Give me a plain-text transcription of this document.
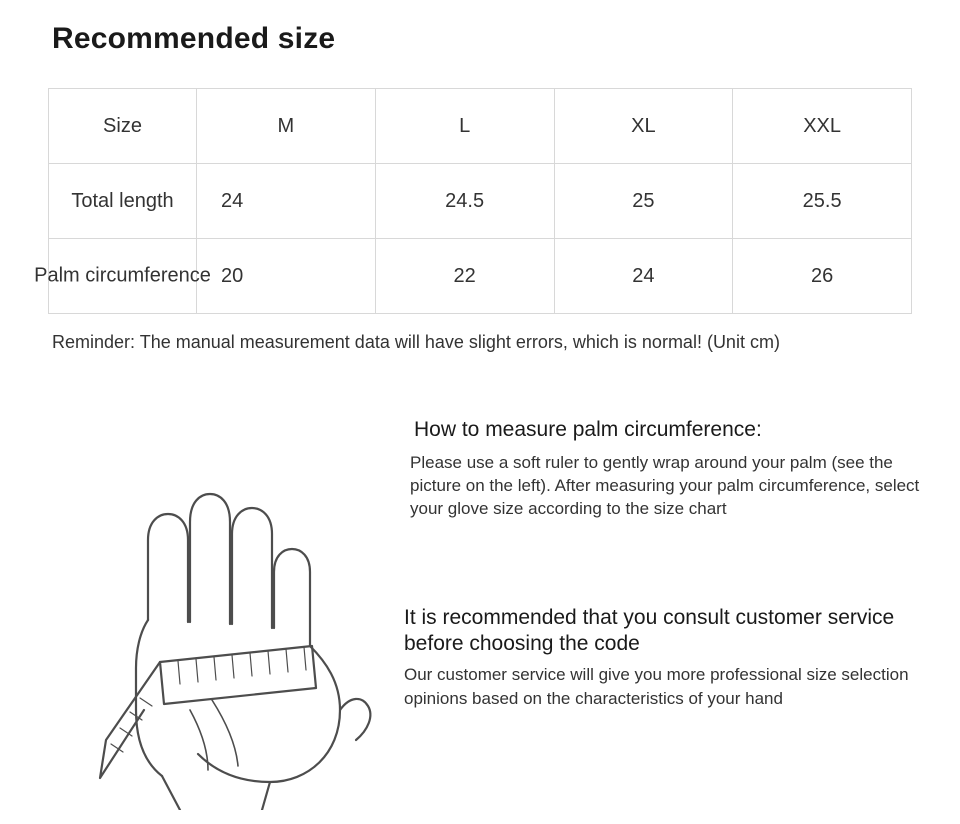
Recommended size
Size	M	L	XL	XXL
Total length	24	24.5	25	25.5

Palm circumference	20	22	24	26
Reminder: The manual measurement data will have slight errors, which is normal! (Unit cm)
How to measure palm circumference:

Please use a soft ruler to gently wrap around your palm (see the picture on the left). After measuring your palm circumference, select your glove size according to the size chart

It is recommended that you consult customer service before choosing the code

Our customer service will give you more professional size selection opinions based on the characteristics of your hand
